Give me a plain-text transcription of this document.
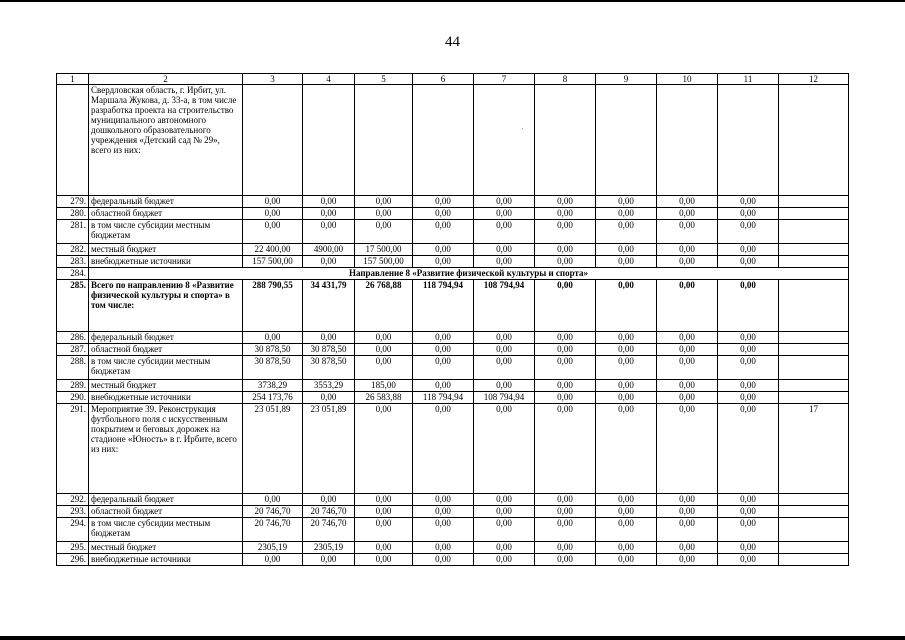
44
ˊ
1	2	3	4	5	6	7	8	9	10	11	12
	Свердловская область, г. Ирбит, ул. Маршала Жукова, д. 33-а, в том числе разработка проекта на строительство муниципального автономного дошкольного образовательного учреждения «Детский сад № 29», всего из них:										
279.	федеральный бюджет	0,00	0,00	0,00	0,00	0,00	0,00	0,00	0,00	0,00	
280.	областной бюджет	0,00	0,00	0,00	0,00	0,00	0,00	0,00	0,00	0,00	
281.	в том числе субсидии местным бюджетам	0,00	0,00	0,00	0,00	0,00	0,00	0,00	0,00	0,00	
282.	местный бюджет	22 400,00	4900,00	17 500,00	0,00	0,00	0,00	0,00	0,00	0,00	
283.	внебюджетные источники	157 500,00	0,00	157 500,00	0,00	0,00	0,00	0,00	0,00	0,00	
284.	Направление 8 «Развитие физической культуры и спорта»										
285.	Всего по направлению 8 «Развитие физической культуры и спорта» в том числе:	288 790,55	34 431,79	26 768,88	118 794,94	108 794,94	0,00	0,00	0,00	0,00	
286.	федеральный бюджет	0,00	0,00	0,00	0,00	0,00	0,00	0,00	0,00	0,00	
287.	областной бюджет	30 878,50	30 878,50	0,00	0,00	0,00	0,00	0,00	0,00	0,00	
288.	в том числе субсидии местным бюджетам	30 878,50	30 878,50	0,00	0,00	0,00	0,00	0,00	0,00	0,00	
289.	местный бюджет	3738,29	3553,29	185,00	0,00	0,00	0,00	0,00	0,00	0,00	
290.	внебюджетные источники	254 173,76	0,00	26 583,88	118 794,94	108 794,94	0,00	0,00	0,00	0,00	
291.	Мероприятие 39. Реконструкция футбольного поля с искусственным покрытием и беговых дорожек на стадионе «Юность» в г. Ирбите, всего из них:	23 051,89	23 051,89	0,00	0,00	0,00	0,00	0,00	0,00	0,00	17
292.	федеральный бюджет	0,00	0,00	0,00	0,00	0,00	0,00	0,00	0,00	0,00	
293.	областной бюджет	20 746,70	20 746,70	0,00	0,00	0,00	0,00	0,00	0,00	0,00	
294.	в том числе субсидии местным бюджетам	20 746,70	20 746,70	0,00	0,00	0,00	0,00	0,00	0,00	0,00	
295.	местный бюджет	2305,19	2305,19	0,00	0,00	0,00	0,00	0,00	0,00	0,00	
296.	внебюджетные источники	0,00	0,00	0,00	0,00	0,00	0,00	0,00	0,00	0,00	
